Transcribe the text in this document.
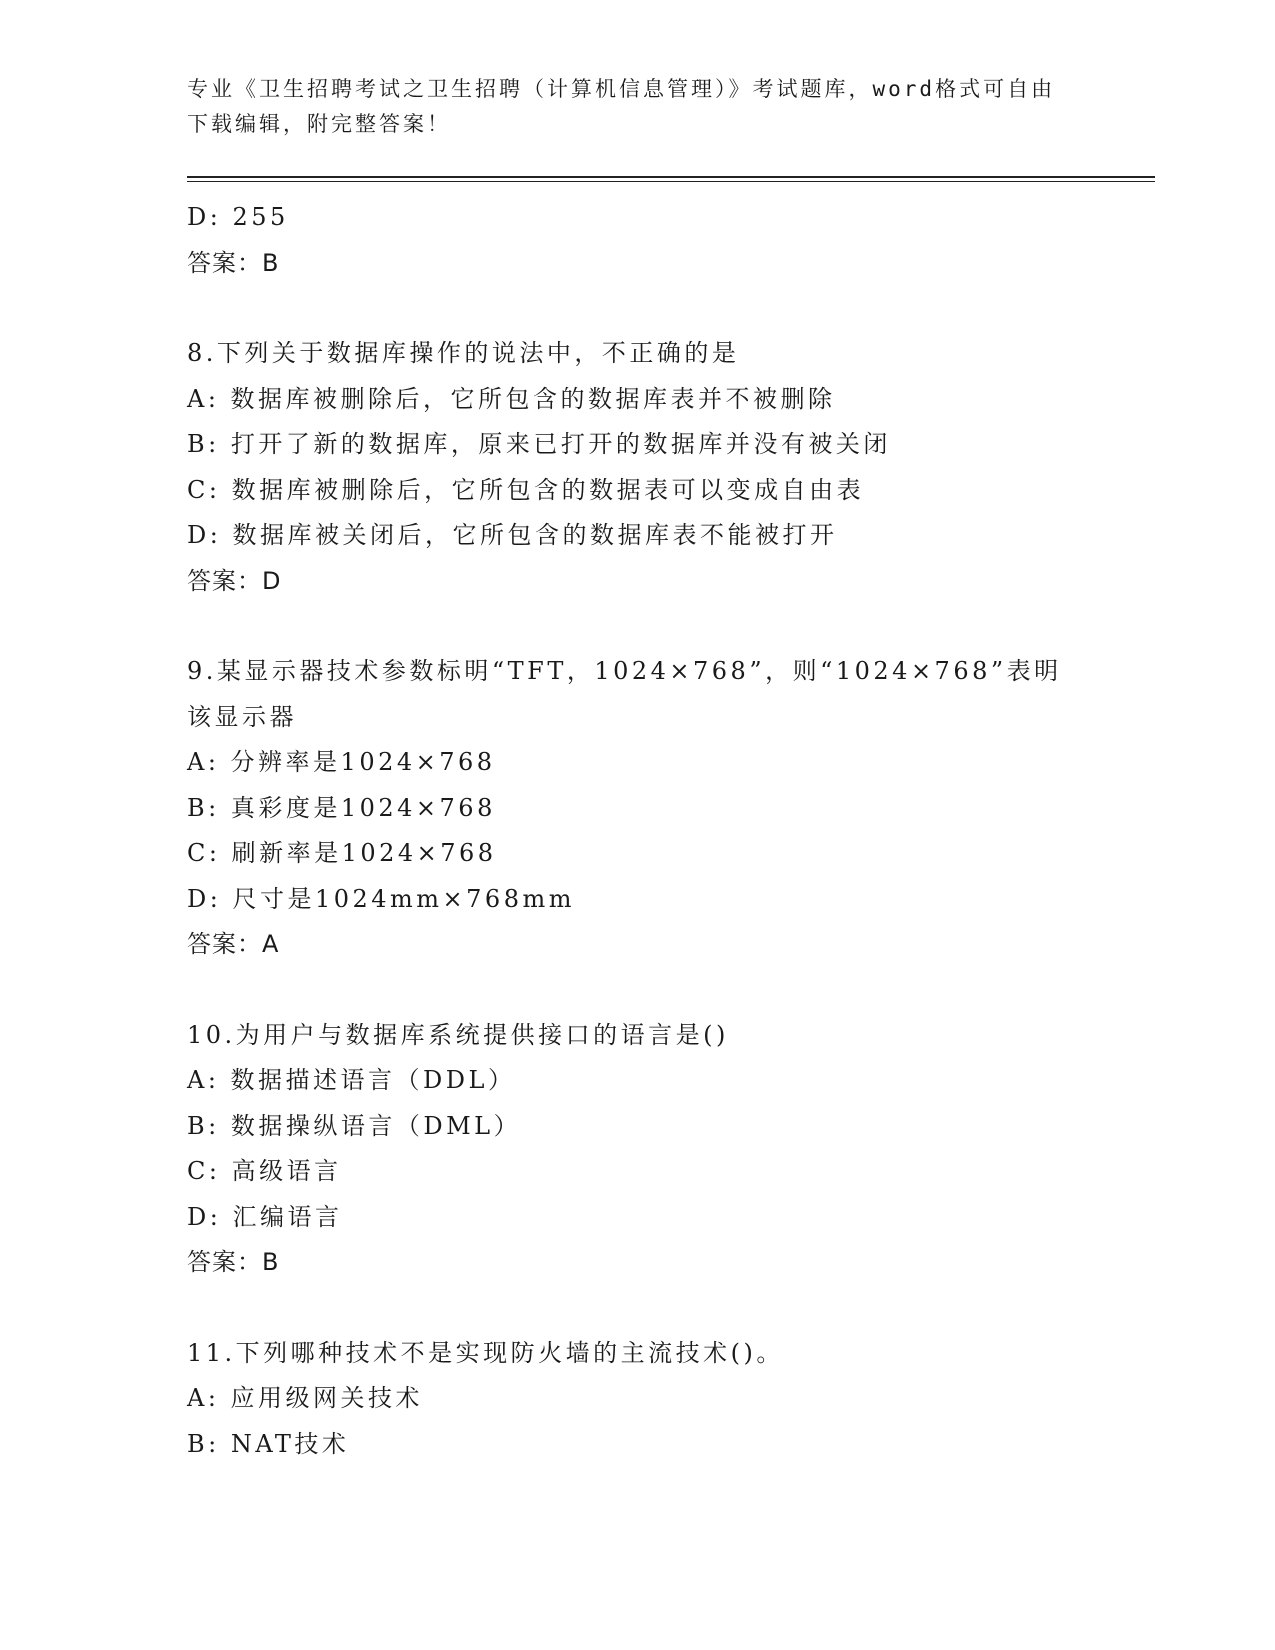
专业《卫生招聘考试之卫生招聘（计算机信息管理）》考试题库，word格式可自由下载编辑，附完整答案！
D: 255
答案：B
8.下列关于数据库操作的说法中，不正确的是
A: 数据库被删除后，它所包含的数据库表并不被删除
B: 打开了新的数据库，原来已打开的数据库并没有被关闭
C: 数据库被删除后，它所包含的数据表可以变成自由表
D: 数据库被关闭后，它所包含的数据库表不能被打开
答案：D
9.某显示器技术参数标明“TFT，1024×768”，则“1024×768”表明该显示器
A: 分辨率是1024×768
B: 真彩度是1024×768
C: 刷新率是1024×768
D: 尺寸是1024mm×768mm
答案：A
10.为用户与数据库系统提供接口的语言是()
A: 数据描述语言（DDL）
B: 数据操纵语言（DML）
C: 高级语言
D: 汇编语言
答案：B
11.下列哪种技术不是实现防火墙的主流技术()。
A: 应用级网关技术
B: NAT技术
